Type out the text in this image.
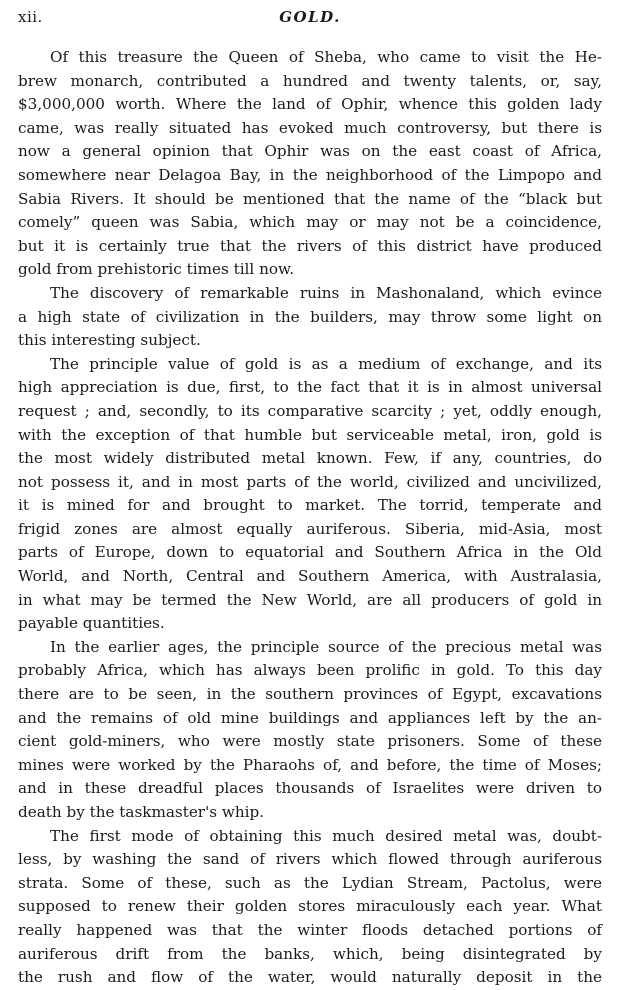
xii.	GOLD.

Of this treasure the Queen of Sheba, who came to visit the He-
brew monarch, contributed a hundred and twenty talents, or, say,
$3,000,000 worth. Where the land of Ophir, whence this golden lady
came, was really situated has evoked much controversy, but there is
now a general opinion that Ophir was on the east coast of Africa,
somewhere near Delagoa Bay, in the neighborhood of the Limpopo and
Sabia Rivers. It should be mentioned that the name of the “black but
comely” queen was Sabia, which may or may not be a coincidence,
but it is certainly true that the rivers of this district have produced
gold from prehistoric times till now.

The discovery of remarkable ruins in Mashonaland, which evince
a high state of civilization in the builders, may throw some light on
this interesting subject.

The principle value of gold is as a medium of exchange, and its
high appreciation is due, first, to the fact that it is in almost universal
request ; and, secondly, to its comparative scarcity ; yet, oddly enough,
with the exception of that humble but serviceable metal, iron, gold is
the most widely distributed metal known. Few, if any, countries, do
not possess it, and in most parts of the world, civilized and uncivilized,
it is mined for and brought to market. The torrid, temperate and
frigid zones are almost equally auriferous. Siberia, mid-Asia, most
parts of Europe, down to equatorial and Southern Africa in the Old
World, and North, Central and Southern America, with Australasia,
in what may be termed the New World, are all producers of gold in
payable quantities.

In the earlier ages, the principle source of the precious metal was
probably Africa, which has always been prolific in gold. To this day
there are to be seen, in the southern provinces of Egypt, excavations
and the remains of old mine buildings and appliances left by the an-
cient gold-miners, who were mostly state prisoners. Some of these
mines were worked by the Pharaohs of, and before, the time of Moses;
and in these dreadful places thousands of Israelites were driven to
death by the taskmaster's whip.

The first mode of obtaining this much desired metal was, doubt-
less, by washing the sand of rivers which flowed through auriferous
strata. Some of these, such as the Lydian Stream, Pactolus, were
supposed to renew their golden stores miraculously each year. What
really happened was that the winter floods detached portions of
auriferous drift from the banks, which, being disintegrated by
the rush and flow of the water, would naturally deposit in the
